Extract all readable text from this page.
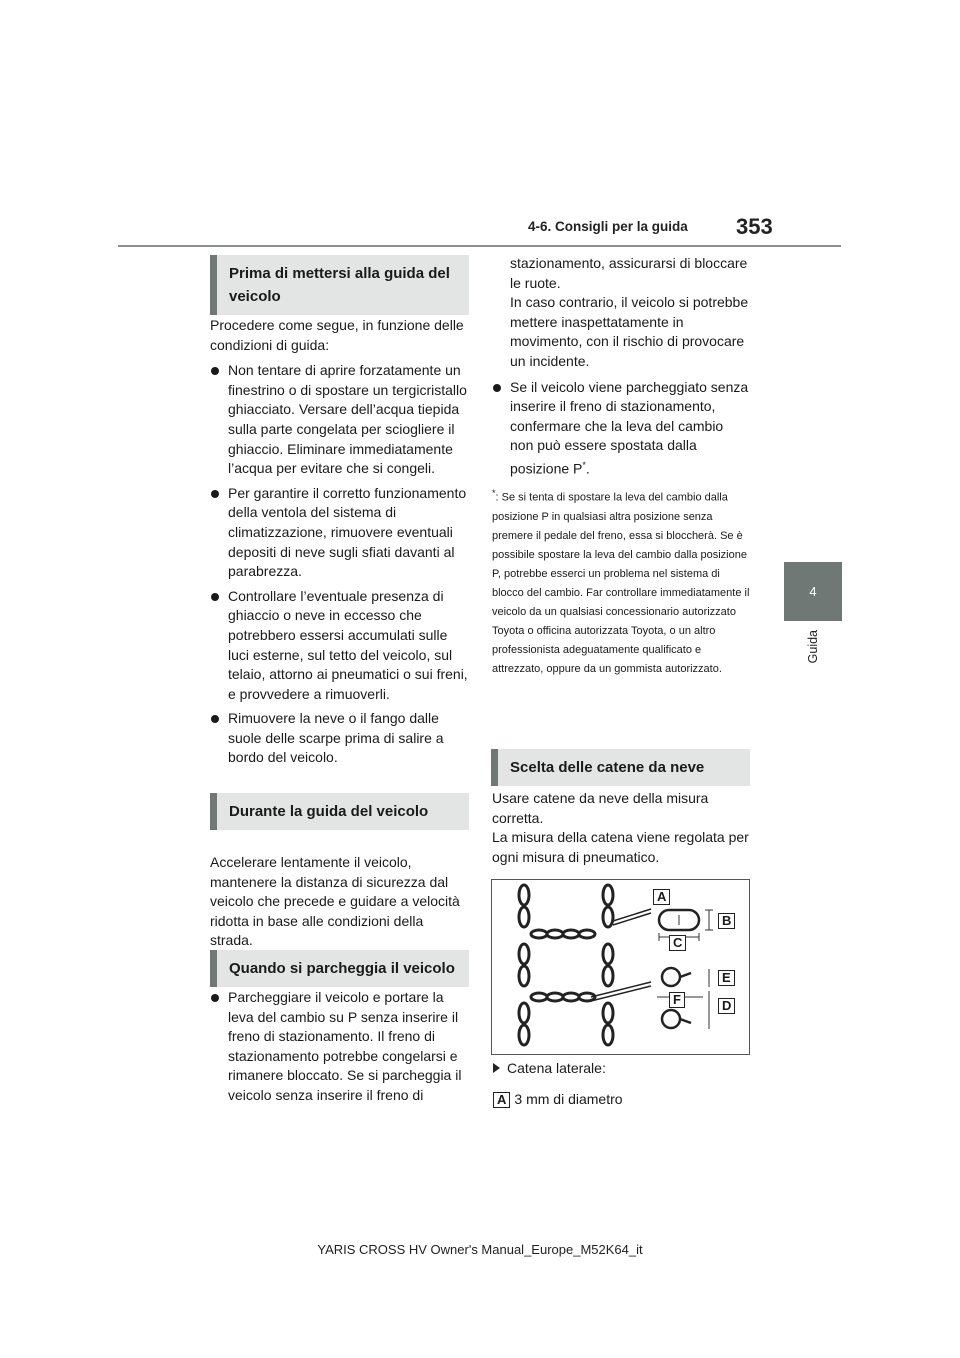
4-6. Consigli per la guida 353
4
Guida
Prima di mettersi alla guida del veicolo

Procedere come segue, in funzione delle condizioni di guida:

Non tentare di aprire forzatamente un finestrino o di spostare un tergicristallo ghiacciato. Versare dell’acqua tiepida sulla parte congelata per sciogliere il ghiaccio. Eliminare immediatamente l’acqua per evitare che si congeli.
Per garantire il corretto funzionamento della ventola del sistema di climatizzazione, rimuovere eventuali depositi di neve sugli sfiati davanti al parabrezza.
Controllare l’eventuale presenza di ghiaccio o neve in eccesso che potrebbero essersi accumulati sulle luci esterne, sul tetto del veicolo, sul telaio, attorno ai pneumatici o sui freni, e provvedere a rimuoverli.
Rimuovere la neve o il fango dalle suole delle scarpe prima di salire a bordo del veicolo.
Durante la guida del veicolo

Accelerare lentamente il veicolo, mantenere la distanza di sicurezza dal veicolo che precede e guidare a velocità ridotta in base alle condizioni della strada.

Quando si parcheggia il veicolo
Parcheggiare il veicolo e portare la leva del cambio su P senza inserire il freno di stazionamento. Il freno di stazionamento potrebbe congelarsi e rimanere bloccato. Se si parcheggia il veicolo senza inserire il freno di

stazionamento, assicurarsi di bloccare le ruote.

In caso contrario, il veicolo si potrebbe mettere inaspettatamente in movimento, con il rischio di provocare un incidente.

Se il veicolo viene parcheggiato senza inserire il freno di stazionamento, confermare che la leva del cambio non può essere spostata dalla posizione P*.
*: Se si tenta di spostare la leva del cambio dalla posizione P in qualsiasi altra posizione senza premere il pedale del freno, essa si bloccherà. Se è possibile spostare la leva del cambio dalla posizione P, potrebbe esserci un problema nel sistema di blocco del cambio. Far controllare immediatamente il veicolo da un qualsiasi concessionario autorizzato Toyota o officina autorizzata Toyota, o un altro professionista adeguatamente qualificato e attrezzato, oppure da un gommista autorizzato.
Scelta delle catene da neve

Usare catene da neve della misura corretta.

La misura della catena viene regolata per ogni misura di pneumatico.

A
B
C
E
F	D
Catena laterale:
A 3 mm di diametro
YARIS CROSS HV Owner's Manual_Europe_M52K64_it
